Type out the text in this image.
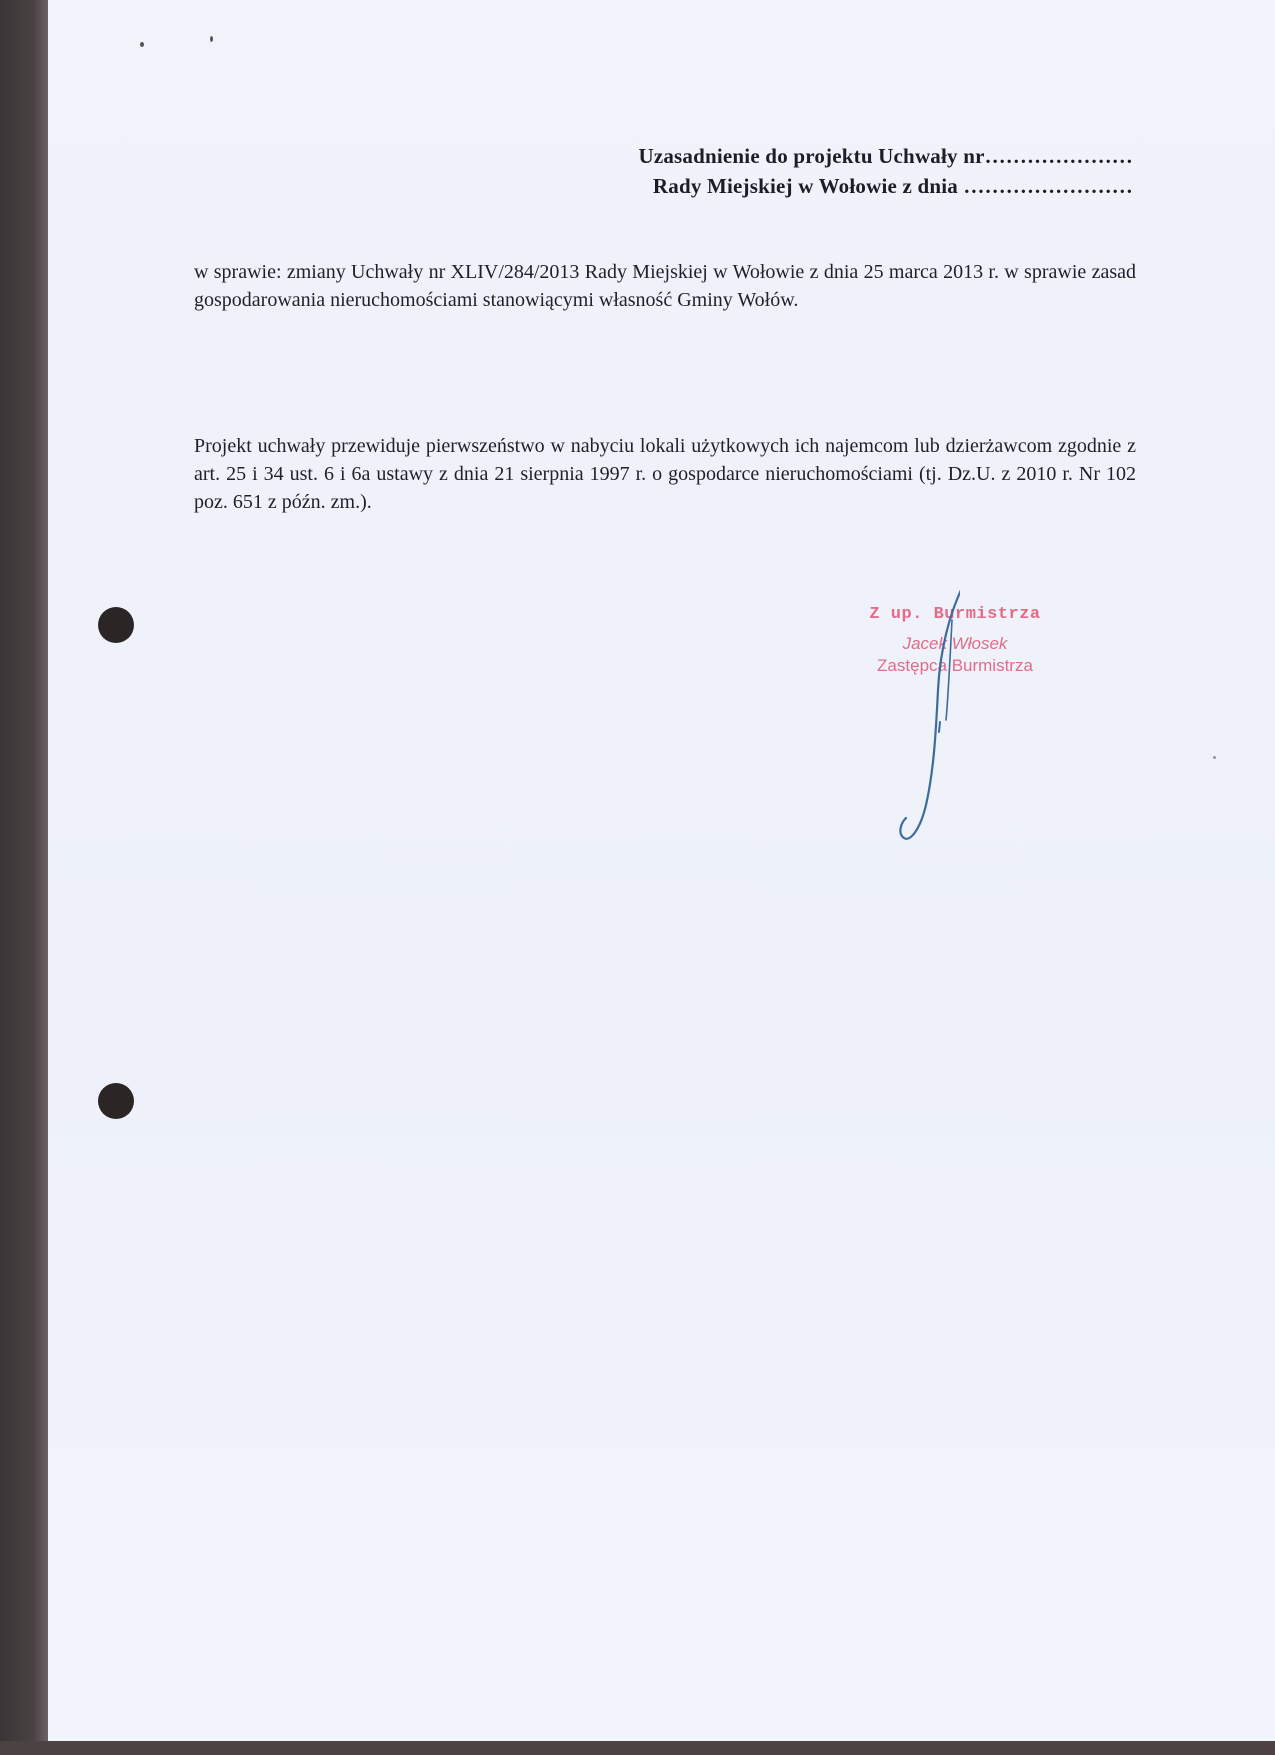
Uzasadnienie do projektu Uchwały nr…………………
Rady Miejskiej w Wołowie z dnia ……………………

w sprawie: zmiany Uchwały nr XLIV/284/2013 Rady Miejskiej w Wołowie z dnia 25 marca 2013 r. w sprawie zasad gospodarowania nieruchomościami stanowiącymi własność Gminy Wołów.

Projekt uchwały przewiduje pierwszeństwo w nabyciu lokali użytkowych ich najemcom lub dzierżawcom zgodnie z art. 25 i 34 ust. 6 i 6a ustawy z dnia 21 sierpnia 1997 r. o gospodarce nieruchomościami (tj. Dz.U. z 2010 r. Nr 102 poz. 651 z późn. zm.).

Z up. Burmistrza
Jacek Włosek
Zastępca Burmistrza
